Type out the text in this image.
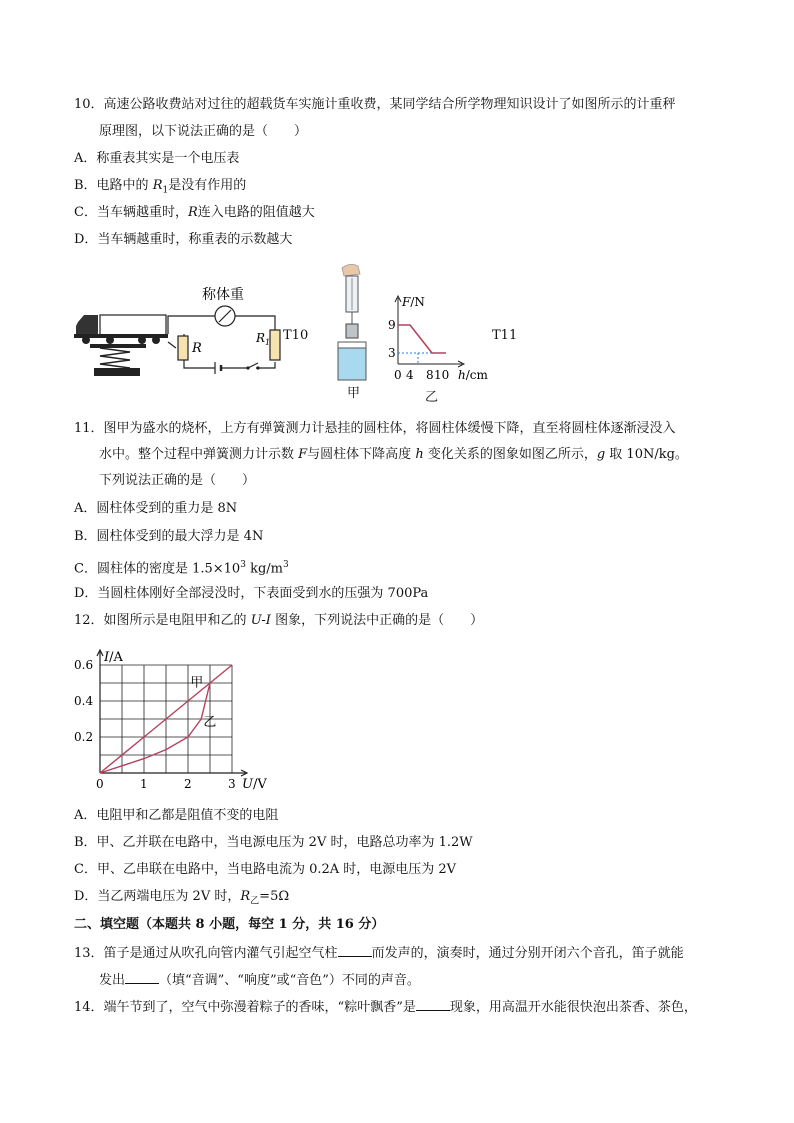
10．高速公路收费站对过往的超载货车实施计重收费，某同学结合所学物理知识设计了如图所示的计重秤
原理图，以下说法正确的是（　　）
A．称重表其实是一个电压表
B．电路中的 $R_1$是没有作用的
C．当车辆越重时，R连入电路的阻值越大
D．当车辆越重时，称重表的示数越大
称体重
R
$R_1$ T10
甲
F/N
9
3
0 4 8 10 h/cm
乙
T11
11．图甲为盛水的烧杯，上方有弹簧测力计悬挂的圆柱体，将圆柱体缓慢下降，直至将圆柱体逐渐浸没入
水中。整个过程中弹簧测力计示数 F与圆柱体下降高度 h 变化关系的图象如图乙所示，g 取 10N/kg。
下列说法正确的是（　　）
A．圆柱体受到的重力是 8N
B．圆柱体受到的最大浮力是 4N
C．圆柱体的密度是 $1.5\times 10^3$ $kg/m^3$
D．当圆柱体刚好全部浸没时，下表面受到水的压强为 700Pa
12．如图所示是电阻甲和乙的 U-I 图象，下列说法中正确的是（　　）
甲
乙
0	1	2	3
0.2
0.4
0.6 I/A
U/V
A．电阻甲和乙都是阻值不变的电阻
B．甲、乙并联在电路中，当电源电压为 2V 时，电路总功率为 1.2W
C．甲、乙串联在电路中，当电路电流为 0.2A 时，电源电压为 2V
D．当乙两端电压为 2V 时，$R_乙=5\Omega$
二、填空题（本题共 8 小题，每空 1 分，共 16 分）
13．笛子是通过从吹孔向管内灌气引起空气柱	而发声的，演奏时，通过分别开闭六个音孔，笛子就能
发出	（填“音调”、“响度”或“音色”）不同的声音。
14．端午节到了，空气中弥漫着粽子的香味，“粽叶飘香”是	现象，用高温开水能很快泡出茶香、茶色，
